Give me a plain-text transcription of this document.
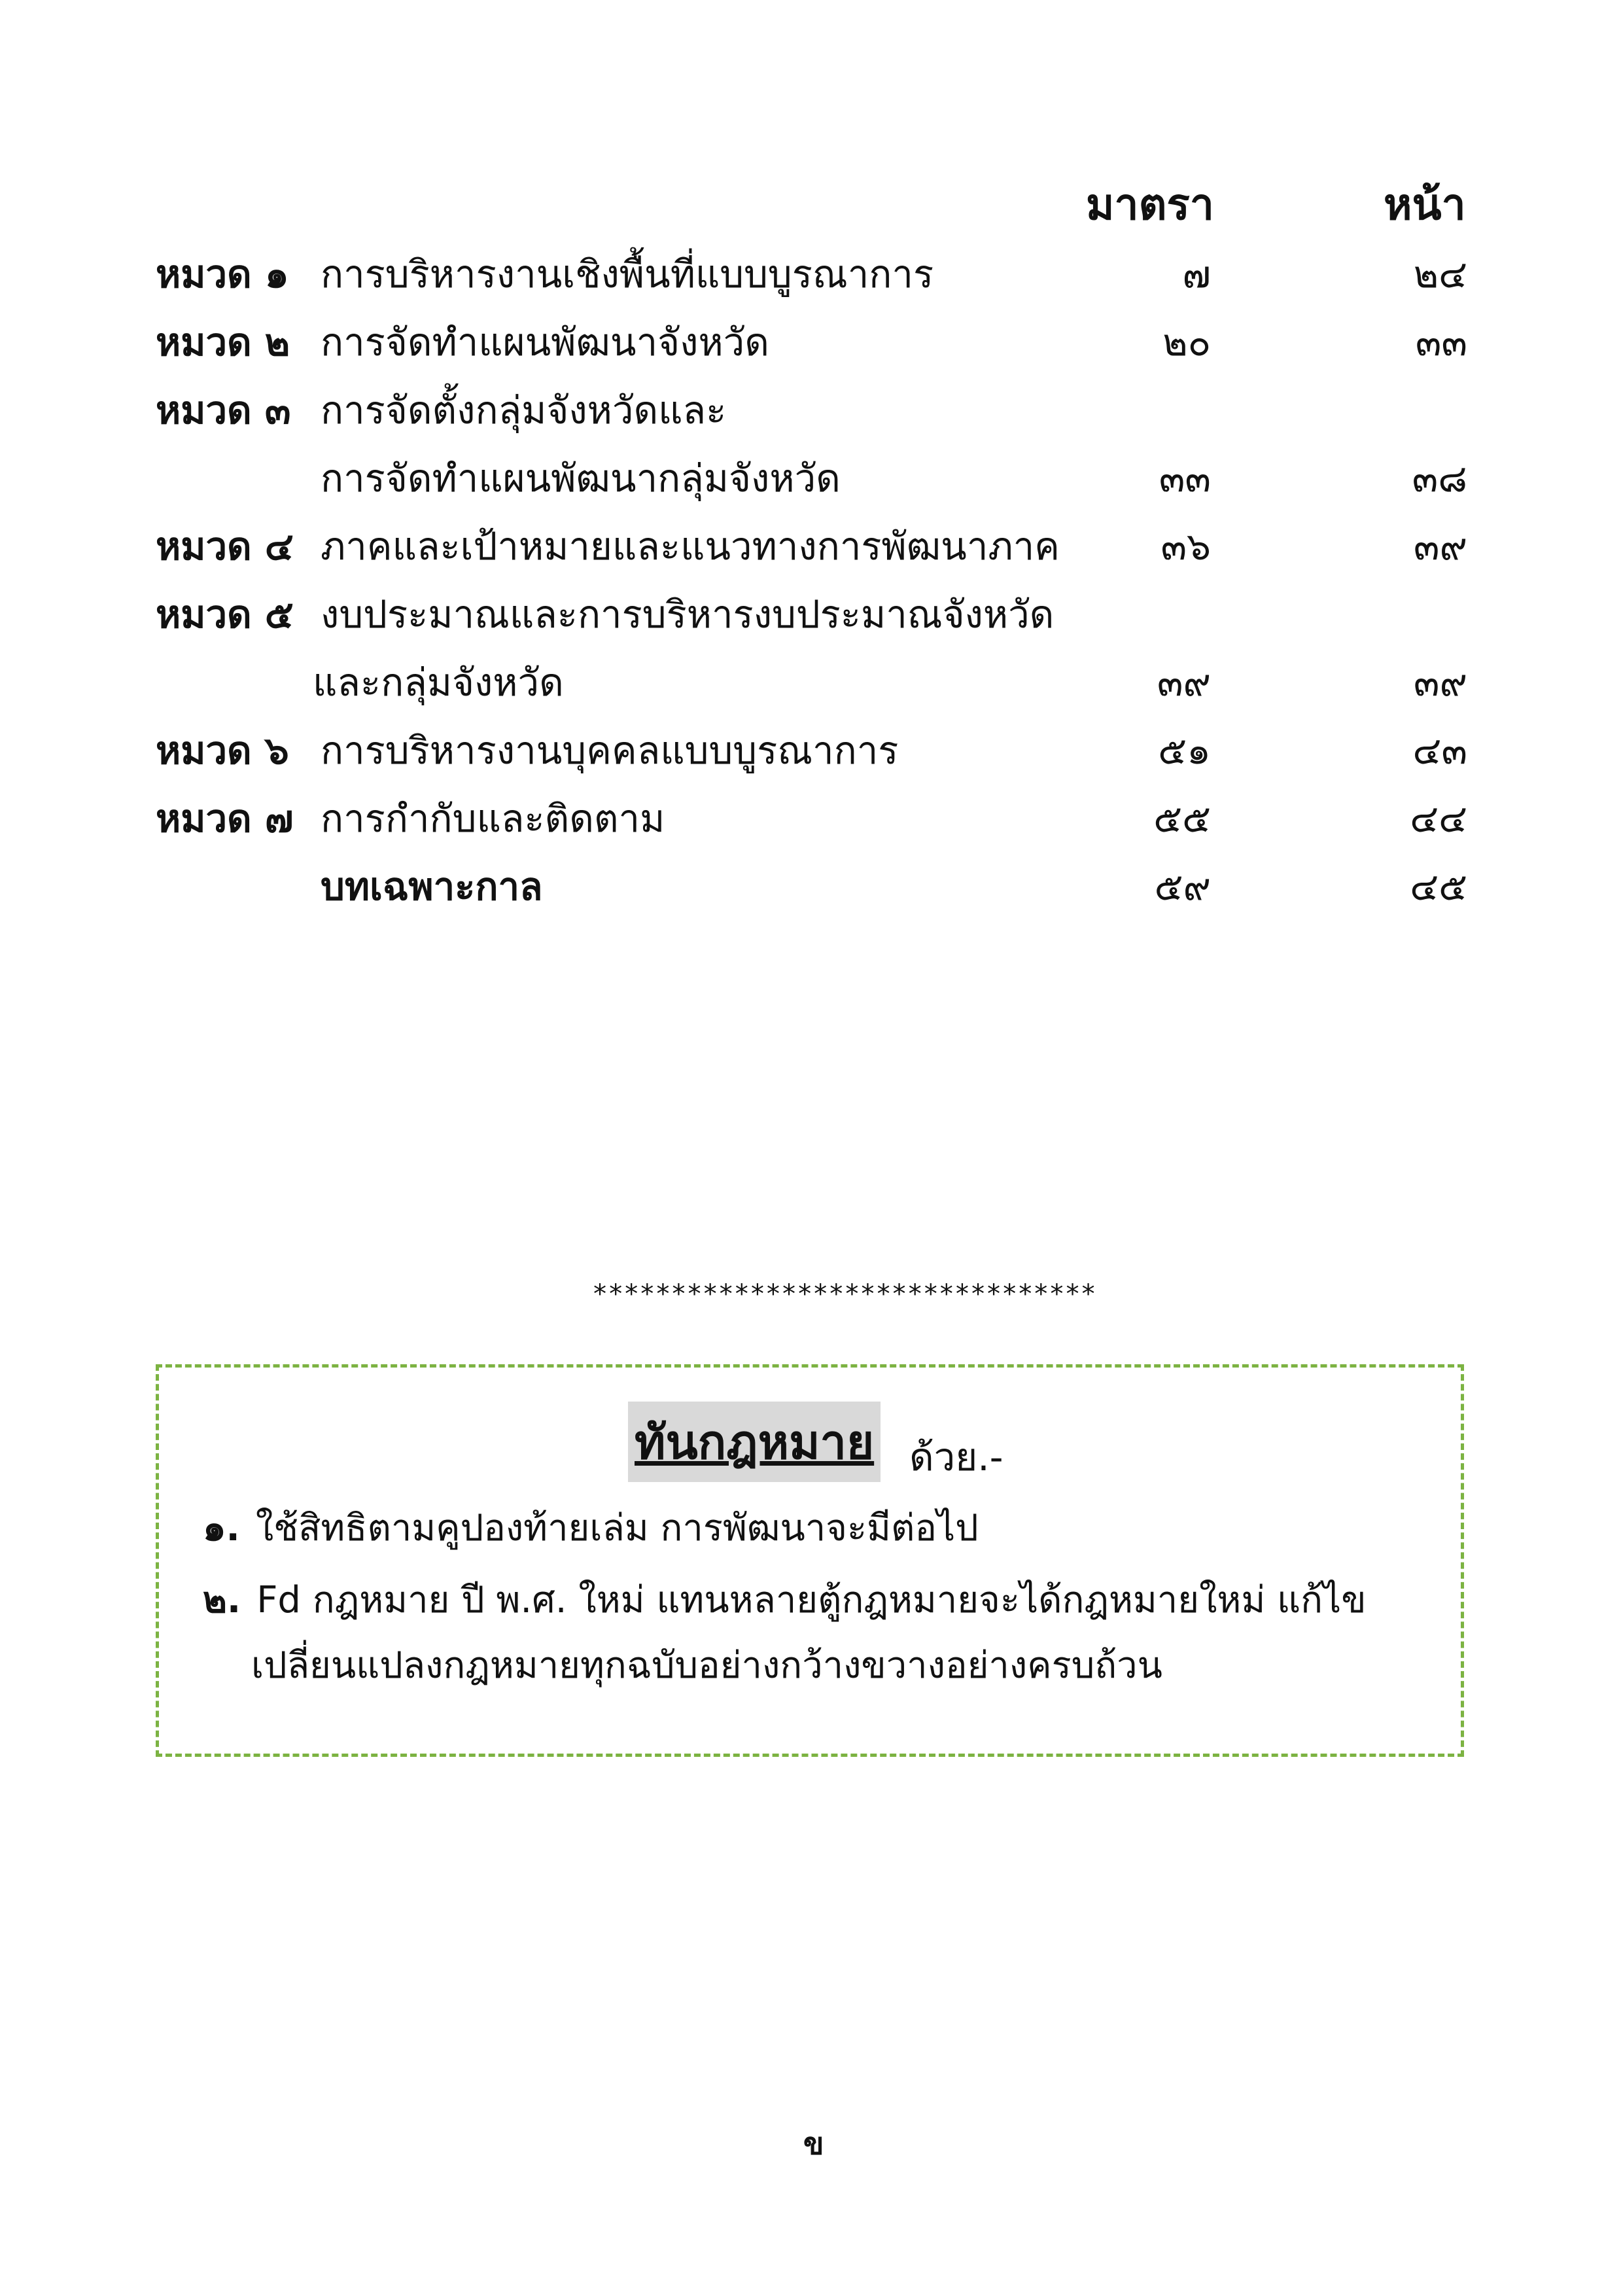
มาตรา	หน้า
หมวด ๑ การบริหารงานเชิงพื้นที่แบบบูรณาการ	๗	๒๔
หมวด ๒ การจัดทำแผนพัฒนาจังหวัด	๒๐	๓๓
หมวด ๓ การจัดตั้งกลุ่มจังหวัดและ
การจัดทำแผนพัฒนากลุ่มจังหวัด	๓๓	๓๘
หมวด ๔ ภาคและเป้าหมายและแนวทางการพัฒนาภาค	๓๖	๓๙
หมวด ๕ งบประมาณและการบริหารงบประมาณจังหวัด
และกลุ่มจังหวัด	๓๙	๓๙
หมวด ๖ การบริหารงานบุคคลแบบบูรณาการ	๕๑	๔๓
หมวด ๗ การกำกับและติดตาม	๕๕	๔๔
บทเฉพาะกาล	๕๙	๔๕
********************************
ทันกฎหมาย ด้วย.-
๑. ใช้สิทธิตามคูปองท้ายเล่ม การพัฒนาจะมีต่อไป
๒. Fd กฎหมาย ปี พ.ศ. ใหม่ แทนหลายตู้กฎหมายจะได้กฎหมายใหม่ แก้ไข
เปลี่ยนแปลงกฎหมายทุกฉบับอย่างกว้างขวางอย่างครบถ้วน
ข
